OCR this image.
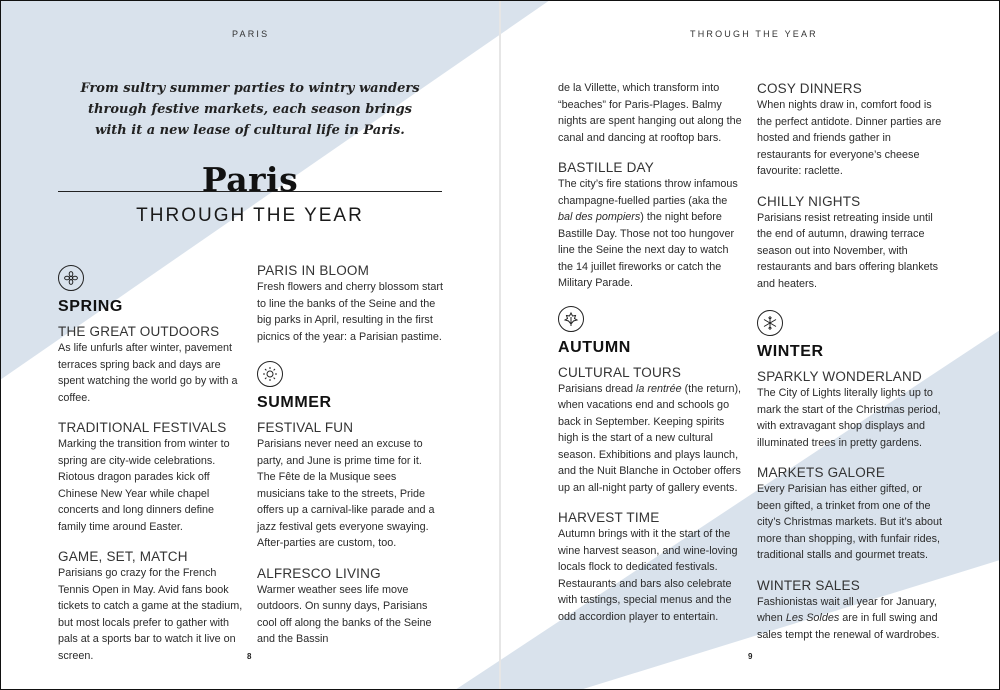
PARIS
From sultry summer parties to wintry wanders through festive markets, each season brings with it a new lease of cultural life in Paris.
Paris
THROUGH THE YEAR
SPRING
THE GREAT OUTDOORS

As life unfurls after winter, pavement terraces spring back and days are spent watching the world go by with a coffee.

TRADITIONAL FESTIVALS

Marking the transition from winter to spring are city-wide celebrations. Riotous dragon parades kick off Chinese New Year while chapel concerts and long dinners define family time around Easter.

GAME, SET, MATCH

Parisians go crazy for the French Tennis Open in May. Avid fans book tickets to catch a game at the stadium, but most locals prefer to gather with pals at a sports bar to watch it live on screen.

PARIS IN BLOOM

Fresh flowers and cherry blossom start to line the banks of the Seine and the big parks in April, resulting in the first picnics of the year: a Parisian pastime.

SUMMER
FESTIVAL FUN

Parisians never need an excuse to party, and June is prime time for it. The Fête de la Musique sees musicians take to the streets, Pride offers up a carnival-like parade and a jazz festival gets everyone swaying. After-parties are custom, too.

ALFRESCO LIVING

Warmer weather sees life move outdoors. On sunny days, Parisians cool off along the banks of the Seine and the Bassin

8
THROUGH THE YEAR

de la Villette, which transform into “beaches” for Paris-Plages. Balmy nights are spent hanging out along the canal and dancing at rooftop bars.

BASTILLE DAY

The city’s fire stations throw infamous champagne-fuelled parties (aka the bal des pompiers) the night before Bastille Day. Those not too hungover line the Seine the next day to watch the 14 juillet fireworks or catch the Military Parade.

AUTUMN
CULTURAL TOURS

Parisians dread la rentrée (the return), when vacations end and schools go back in September. Keeping spirits high is the start of a new cultural season. Exhibitions and plays launch, and the Nuit Blanche in October offers up an all-night party of gallery events.

HARVEST TIME

Autumn brings with it the start of the wine harvest season, and wine-loving locals flock to dedicated festivals. Restaurants and bars also celebrate with tastings, special menus and the odd accordion player to entertain.

COSY DINNERS

When nights draw in, comfort food is the perfect antidote. Dinner parties are hosted and friends gather in restaurants for everyone’s cheese favourite: raclette.

CHILLY NIGHTS

Parisians resist retreating inside until the end of autumn, drawing terrace season out into November, with restaurants and bars offering blankets and heaters.

WINTER
SPARKLY WONDERLAND

The City of Lights literally lights up to mark the start of the Christmas period, with extravagant shop displays and illuminated trees in pretty gardens.

MARKETS GALORE

Every Parisian has either gifted, or been gifted, a trinket from one of the city’s Christmas markets. But it’s about more than shopping, with funfair rides, traditional stalls and gourmet treats.

WINTER SALES

Fashionistas wait all year for January, when Les Soldes are in full swing and sales tempt the renewal of wardrobes.

9
